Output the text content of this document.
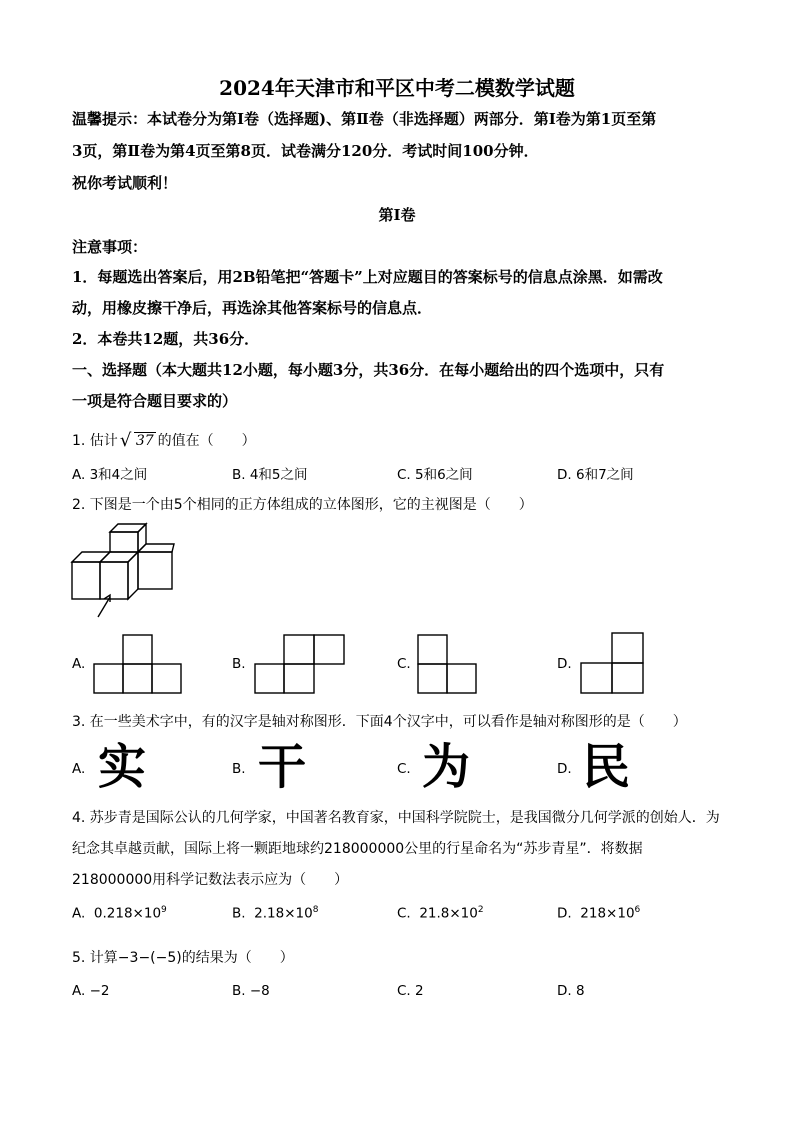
2024年天津市和平区中考二模数学试题
温馨提示：本试卷分为第Ⅰ卷（选择题)、第Ⅱ卷（非选择题）两部分．第Ⅰ卷为第1页至第
3页，第Ⅱ卷为第4页至第8页．试卷满分120分．考试时间100分钟．
祝你考试顺利！
第Ⅰ卷
注意事项：
1．每题选出答案后，用2B铅笔把“答题卡”上对应题目的答案标号的信息点涂黑．如需改
动，用橡皮擦干净后，再选涂其他答案标号的信息点．
2．本卷共12题，共36分．
一、选择题（本大题共12小题，每小题3分，共36分．在每小题给出的四个选项中，只有
一项是符合题目要求的）
1. 估计 √ 37 的值在（　　）
A. 3和4之间	B. 4和5之间	C. 5和6之间	D. 6和7之间
2. 下图是一个由5个相同的正方体组成的立体图形，它的主视图是（　　）
A.	B.	C.	D.
3. 在一些美术字中，有的汉字是轴对称图形．下面4个汉字中，可以看作是轴对称图形的是（　　）
A. 实	B. 干	C. 为	D. 民
4. 苏步青是国际公认的几何学家，中国著名教育家，中国科学院院士，是我国微分几何学派的创始人．为
纪念其卓越贡献，国际上将一颗距地球约218000000公里的行星命名为“苏步青星”．将数据
218000000用科学记数法表示应为（　　）
A. $0.218\times 10^9$	B. $2.18\times 10^8$	C. $21.8\times 10^2$	D. $218\times 10^6$
5. 计算−3−(−5)的结果为（　　）
A. −2	B. −8	C. 2	D. 8
